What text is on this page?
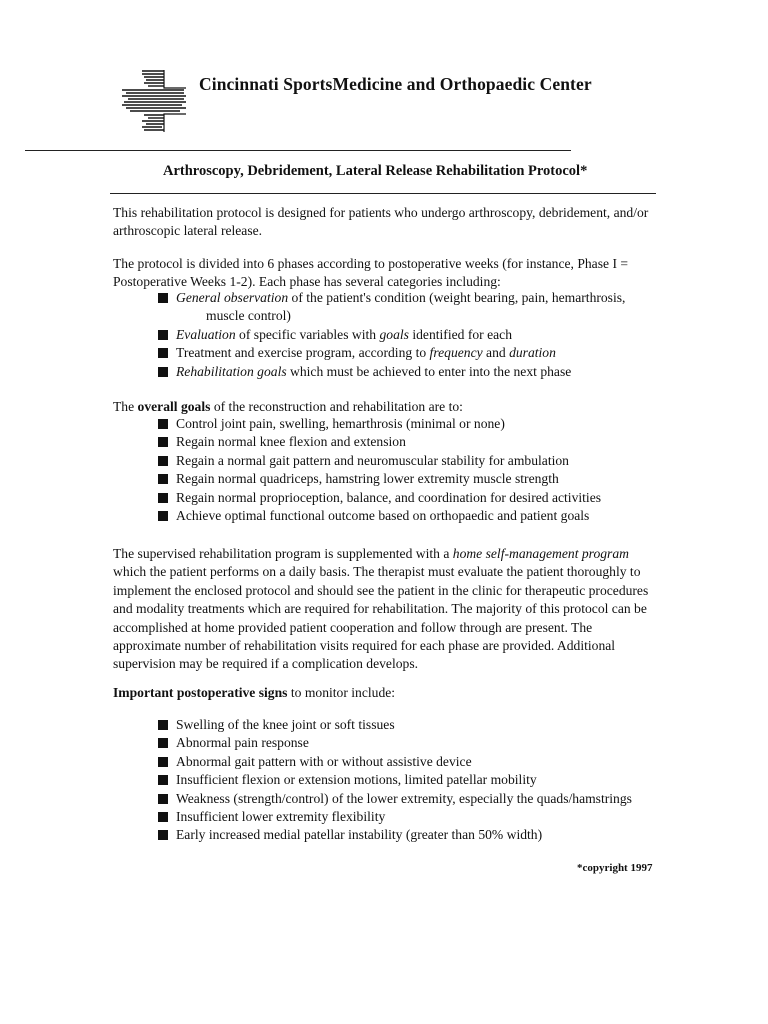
Cincinnati SportsMedicine and Orthopaedic Center
Arthroscopy, Debridement, Lateral Release Rehabilitation Protocol*

This rehabilitation protocol is designed for patients who undergo arthroscopy, debridement, and/or arthroscopic lateral release.

The protocol is divided into 6 phases according to postoperative weeks (for instance, Phase I = Postoperative Weeks 1-2). Each phase has several categories including:

General observation of the patient's condition (weight bearing, pain, hemarthrosis,
muscle control)
Evaluation of specific variables with goals identified for each
Treatment and exercise program, according to frequency and duration
Rehabilitation goals which must be achieved to enter into the next phase

The overall goals of the reconstruction and rehabilitation are to:

Control joint pain, swelling, hemarthrosis (minimal or none)
Regain normal knee flexion and extension
Regain a normal gait pattern and neuromuscular stability for ambulation
Regain normal quadriceps, hamstring lower extremity muscle strength
Regain normal proprioception, balance, and coordination for desired activities
Achieve optimal functional outcome based on orthopaedic and patient goals

The supervised rehabilitation program is supplemented with a home self-management program which the patient performs on a daily basis. The therapist must evaluate the patient thoroughly to implement the enclosed protocol and should see the patient in the clinic for therapeutic procedures and modality treatments which are required for rehabilitation. The majority of this protocol can be accomplished at home provided patient cooperation and follow through are present. The approximate number of rehabilitation visits required for each phase are provided. Additional supervision may be required if a complication develops.

Important postoperative signs to monitor include:

Swelling of the knee joint or soft tissues
Abnormal pain response
Abnormal gait pattern with or without assistive device
Insufficient flexion or extension motions, limited patellar mobility
Weakness (strength/control) of the lower extremity, especially the quads/hamstrings
Insufficient lower extremity flexibility
Early increased medial patellar instability (greater than 50% width)
*copyright 1997
